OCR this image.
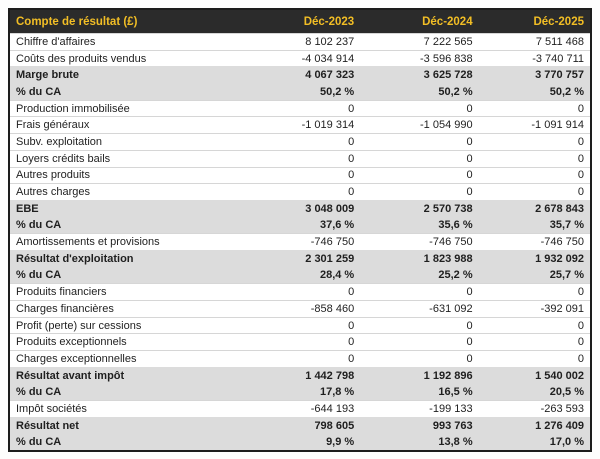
Compte de résultat (£)	Déc-2023	Déc-2024	Déc-2025
Chiffre d'affaires	8 102 237	7 222 565	7 511 468
Coûts des produits vendus	-4 034 914	-3 596 838	-3 740 711
Marge brute	4 067 323	3 625 728	3 770 757
% du CA	50,2 %	50,2 %	50,2 %
Production immobilisée	0	0	0
Frais généraux	-1 019 314	-1 054 990	-1 091 914
Subv. exploitation	0	0	0
Loyers crédits bails	0	0	0
Autres produits	0	0	0
Autres charges	0	0	0
EBE	3 048 009	2 570 738	2 678 843
% du CA	37,6 %	35,6 %	35,7 %
Amortissements et provisions	-746 750	-746 750	-746 750
Résultat d'exploitation	2 301 259	1 823 988	1 932 092
% du CA	28,4 %	25,2 %	25,7 %
Produits financiers	0	0	0
Charges financières	-858 460	-631 092	-392 091
Profit (perte) sur cessions	0	0	0
Produits exceptionnels	0	0	0
Charges exceptionnelles	0	0	0
Résultat avant impôt	1 442 798	1 192 896	1 540 002
% du CA	17,8 %	16,5 %	20,5 %
Impôt sociétés	-644 193	-199 133	-263 593
Résultat net	798 605	993 763	1 276 409
% du CA	9,9 %	13,8 %	17,0 %
